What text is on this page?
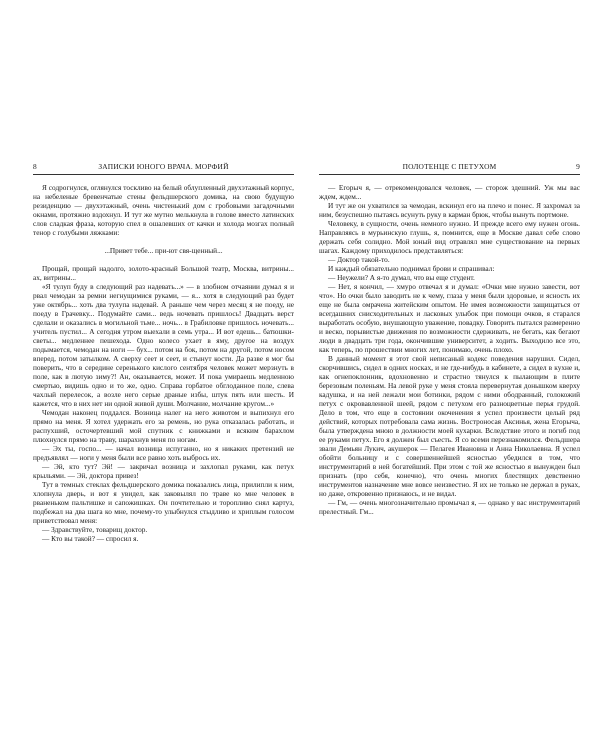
8	ЗАПИСКИ ЮНОГО ВРАЧА. МОРФИЙ

Я содрогнулся, оглянулся тоскливо на белый облупленный двухэтажный корпус, на небеленые бревенчатые стены фельдшерского домика, на свою будущую резиденцию — двухэтажный, очень чистенький дом с гробовыми загадочными окнами, протяжно вздохнул. И тут же мутно мелькнула в голове вместо латинских слов сладкая фраза, которую спел в ошалевших от качки и холода мозгах полный тенор с голубыми ляжками:

...Привет тебе... при-ют свя-щенный...

Прощай, прощай надолго, золото-красный Большой театр, Москва, витрины... ах, витрины...

«Я тулуп буду в следующий раз надевать...» — в злобном отчаянии думал я и рвал чемодан за ремни негнущимися руками, — я... хотя в следующий раз будет уже октябрь... хоть два тулупа надевай. А раньше чем через месяц я не поеду, не поеду в Грачевку... Подумайте сами... ведь ночевать пришлось! Двадцать верст сделали и оказались в могильной тьме... ночь... в Грабиловке пришлось ночевать... учитель пустил... А сегодня утром выехали в семь утра... И вот едешь... батюшки-светы... медленнее пешехода. Одно колесо ухает в яму, другое на воздух подымается, чемодан на ноги — бух... потом на бок, потом на другой, потом носом вперед, потом затылком. А сверху сеет и сеет, и стынут кости. Да разве я мог бы поверить, что в середине серенького кислого сентября человек может мерзнуть в поле, как в лютую зиму?! Ан, оказывается, может. И пока умираешь медленною смертью, видишь одно и то же, одно. Справа горбатое обглоданное поле, слева чахлый перелесок, а возле него серые драные избы, штук пять или шесть. И кажется, что в них нет ни одной живой души. Молчание, молчание кругом...»

Чемодан наконец поддался. Возница налег на него животом и выпихнул его прямо на меня. Я хотел удержать его за ремень, но рука отказалась работать, и распухший, осточертевший мой спутник с книжками и всяким барахлом плюхнулся прямо на траву, шарахнув меня по ногам.

— Эх ты, госпо... — начал возница испуганно, но я никаких претензий не предъявлял — ноги у меня были все равно хоть выбрось их.

— Эй, кто тут? Эй! — закричал возница и захлопал руками, как петух крыльями. — Эй, доктора привез!

Тут в темных стеклах фельдшерского домика показались лица, прилипли к ним, хлопнула дверь, и вот я увидел, как заковылял по траве ко мне человек в рваненьком пальтишке и сапожишках. Он почтительно и торопливо снял картуз, подбежал на два шага ко мне, почему-то улыбнулся стыдливо и хриплым голосом приветствовал меня:

— Здравствуйте, товарищ доктор.

— Кто вы такой? — спросил я.

ПОЛОТЕНЦЕ С ПЕТУХОМ	9

— Егорыч я, — отрекомендовался человек, — сторож здешний. Уж мы вас ждем, ждем...

И тут же он ухватился за чемодан, вскинул его на плечо и понес. Я захромал за ним, безуспешно пытаясь всунуть руку в карман брюк, чтобы вынуть портмоне.

Человеку, в сущности, очень немного нужно. И прежде всего ему нужен огонь. Направляясь в мурьинскую глушь, я, помнится, еще в Москве давал себе слово держать себя солидно. Мой юный вид отравлял мне существование на первых шагах. Каждому приходилось представляться:

— Доктор такой-то.

И каждый обязательно поднимал брови и спрашивал:

— Неужели? А я-то думал, что вы еще студент.

— Нет, я кончил, — хмуро отвечал я и думал: «Очки мне нужно завести, вот что». Но очки было заводить не к чему, глаза у меня были здоровые, и ясность их еще не была омрачена житейским опытом. Не имея возможности защищаться от всегдашних снисходительных и ласковых улыбок при помощи очков, я старался выработать особую, внушающую уважение, повадку. Говорить пытался размеренно и веско, порывистые движения по возможности сдерживать, не бегать, как бегают люди в двадцать три года, окончившие университет, а ходить. Выходило все это, как теперь, по прошествии многих лет, понимаю, очень плохо.

В данный момент я этот свой неписаный кодекс поведения нарушил. Сидел, скорчившись, сидел в одних носках, и не где-нибудь в кабинете, а сидел в кухне и, как огнепоклонник, вдохновенно и страстно тянулся к пылающим в плите березовым поленьям. На левой руке у меня стояла перевернутая донышком кверху кадушка, и на ней лежали мои ботинки, рядом с ними ободранный, голокожий петух с окровавленной шеей, рядом с петухом его разноцветные перья грудой. Дело в том, что еще в состоянии окоченения я успел произвести целый ряд действий, которых потребовала сама жизнь. Востроносая Аксинья, жена Егорыча, была утверждена мною в должности моей кухарки. Вследствие этого и погиб под ее руками петух. Его я должен был съесть. Я со всеми перезнакомился. Фельдшера звали Демьян Лукич, акушерок — Пелагея Ивановна и Анна Николаевна. Я успел обойти больницу и с совершеннейшей ясностью убедился в том, что инструментарий в ней богатейший. При этом с той же ясностью я вынужден был признать (про себя, конечно), что очень многих блестящих девственно инструментов назначение мне вовсе неизвестно. Я их не только не держал в руках, но даже, откровенно признаюсь, и не видал.

— Гм, — очень многозначительно промычал я, — однако у вас инструментарий прелестный. Гм...
